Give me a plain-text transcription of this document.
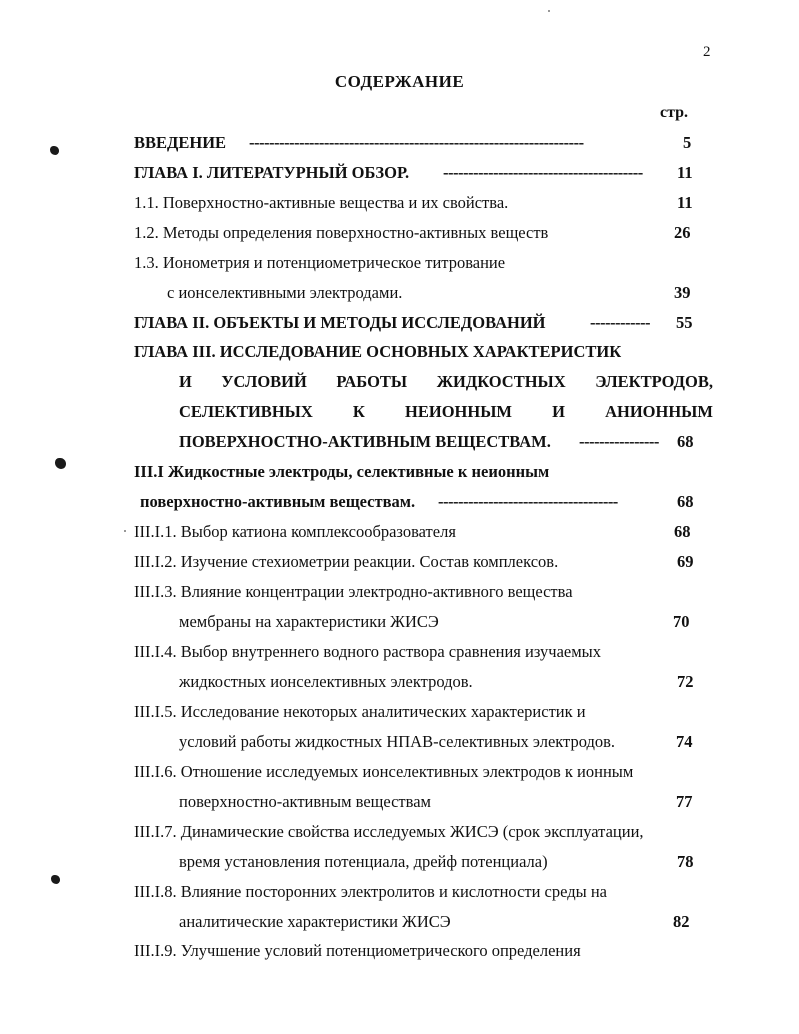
2
СОДЕРЖАНИЕ
стр.
ВВЕДЕНИЕ -------------------------------------------------------------------	5
ГЛАВА I. ЛИТЕРАТУРНЫЙ ОБЗОР. ---------------------------------------- 11
1.1. Поверхностно-активные вещества и их свойства.	11
1.2. Методы определения поверхностно-активных веществ	26
1.3. Ионометрия и потенциометрическое титрование
с ионселективными электродами.	39
ГЛАВА II. ОБЪЕКТЫ И МЕТОДЫ ИССЛЕДОВАНИЙ	------------ 55
ГЛАВА III. ИССЛЕДОВАНИЕ ОСНОВНЫХ ХАРАКТЕРИСТИК
И УСЛОВИЙ РАБОТЫ ЖИДКОСТНЫХ ЭЛЕКТРОДОВ,
СЕЛЕКТИВНЫХ К НЕИОННЫМ И АНИОННЫМ
ПОВЕРХНОСТНО-АКТИВНЫМ ВЕЩЕСТВАМ. ---------------- 68
III.I Жидкостные электроды, селективные к неионным
поверхностно-активным веществам. ------------------------------------	68
III.I.1. Выбор катиона комплексообразователя	68
III.I.2. Изучение стехиометрии реакции. Состав комплексов.	69
III.I.3. Влияние концентрации электродно-активного вещества
мембраны на характеристики ЖИСЭ	70
III.I.4. Выбор внутреннего водного раствора сравнения изучаемых
жидкостных ионселективных электродов.	72
III.I.5. Исследование некоторых аналитических характеристик и
условий работы жидкостных НПАВ-селективных электродов.	74
III.I.6. Отношение исследуемых ионселективных электродов к ионным
поверхностно-активным веществам	77
III.I.7. Динамические свойства исследуемых ЖИСЭ (срок эксплуатации,
время установления потенциала, дрейф потенциала)	78
III.I.8. Влияние посторонних электролитов и кислотности среды на
аналитические характеристики ЖИСЭ	82
III.I.9. Улучшение условий потенциометрического определения
